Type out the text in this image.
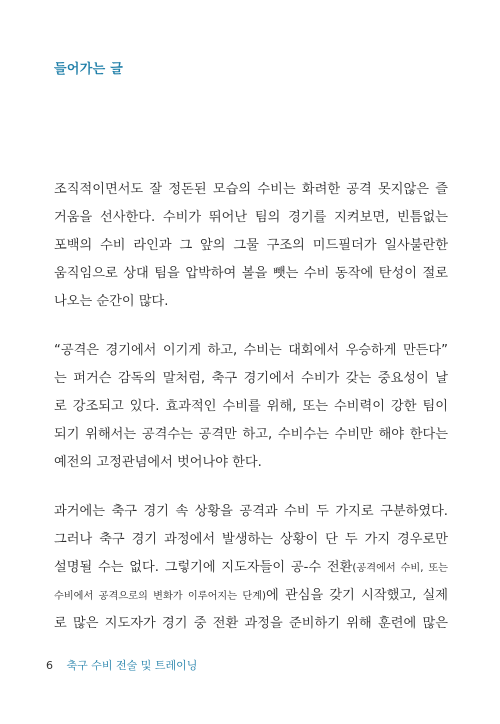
들어가는 글
조직적이면서도 잘 정돈된 모습의 수비는 화려한 공격 못지않은 즐
거움을 선사한다. 수비가 뛰어난 팀의 경기를 지켜보면, 빈틈없는
포백의 수비 라인과 그 앞의 그물 구조의 미드필더가 일사불란한
움직임으로 상대 팀을 압박하여 볼을 뺏는 수비 동작에 탄성이 절로
나오는 순간이 많다.
“공격은 경기에서 이기게 하고, 수비는 대회에서 우승하게 만든다”
는 퍼거슨 감독의 말처럼, 축구 경기에서 수비가 갖는 중요성이 날
로 강조되고 있다. 효과적인 수비를 위해, 또는 수비력이 강한 팀이
되기 위해서는 공격수는 공격만 하고, 수비수는 수비만 해야 한다는
예전의 고정관념에서 벗어나야 한다.
과거에는 축구 경기 속 상황을 공격과 수비 두 가지로 구분하였다.
그러나 축구 경기 과정에서 발생하는 상황이 단 두 가지 경우로만
설명될 수는 없다. 그렇기에 지도자들이 공-수 전환(공격에서 수비, 또는
수비에서 공격으로의 변화가 이루어지는 단계)에 관심을 갖기 시작했고, 실제
로 많은 지도자가 경기 중 전환 과정을 준비하기 위해 훈련에 많은
6 축구 수비 전술 및 트레이닝
